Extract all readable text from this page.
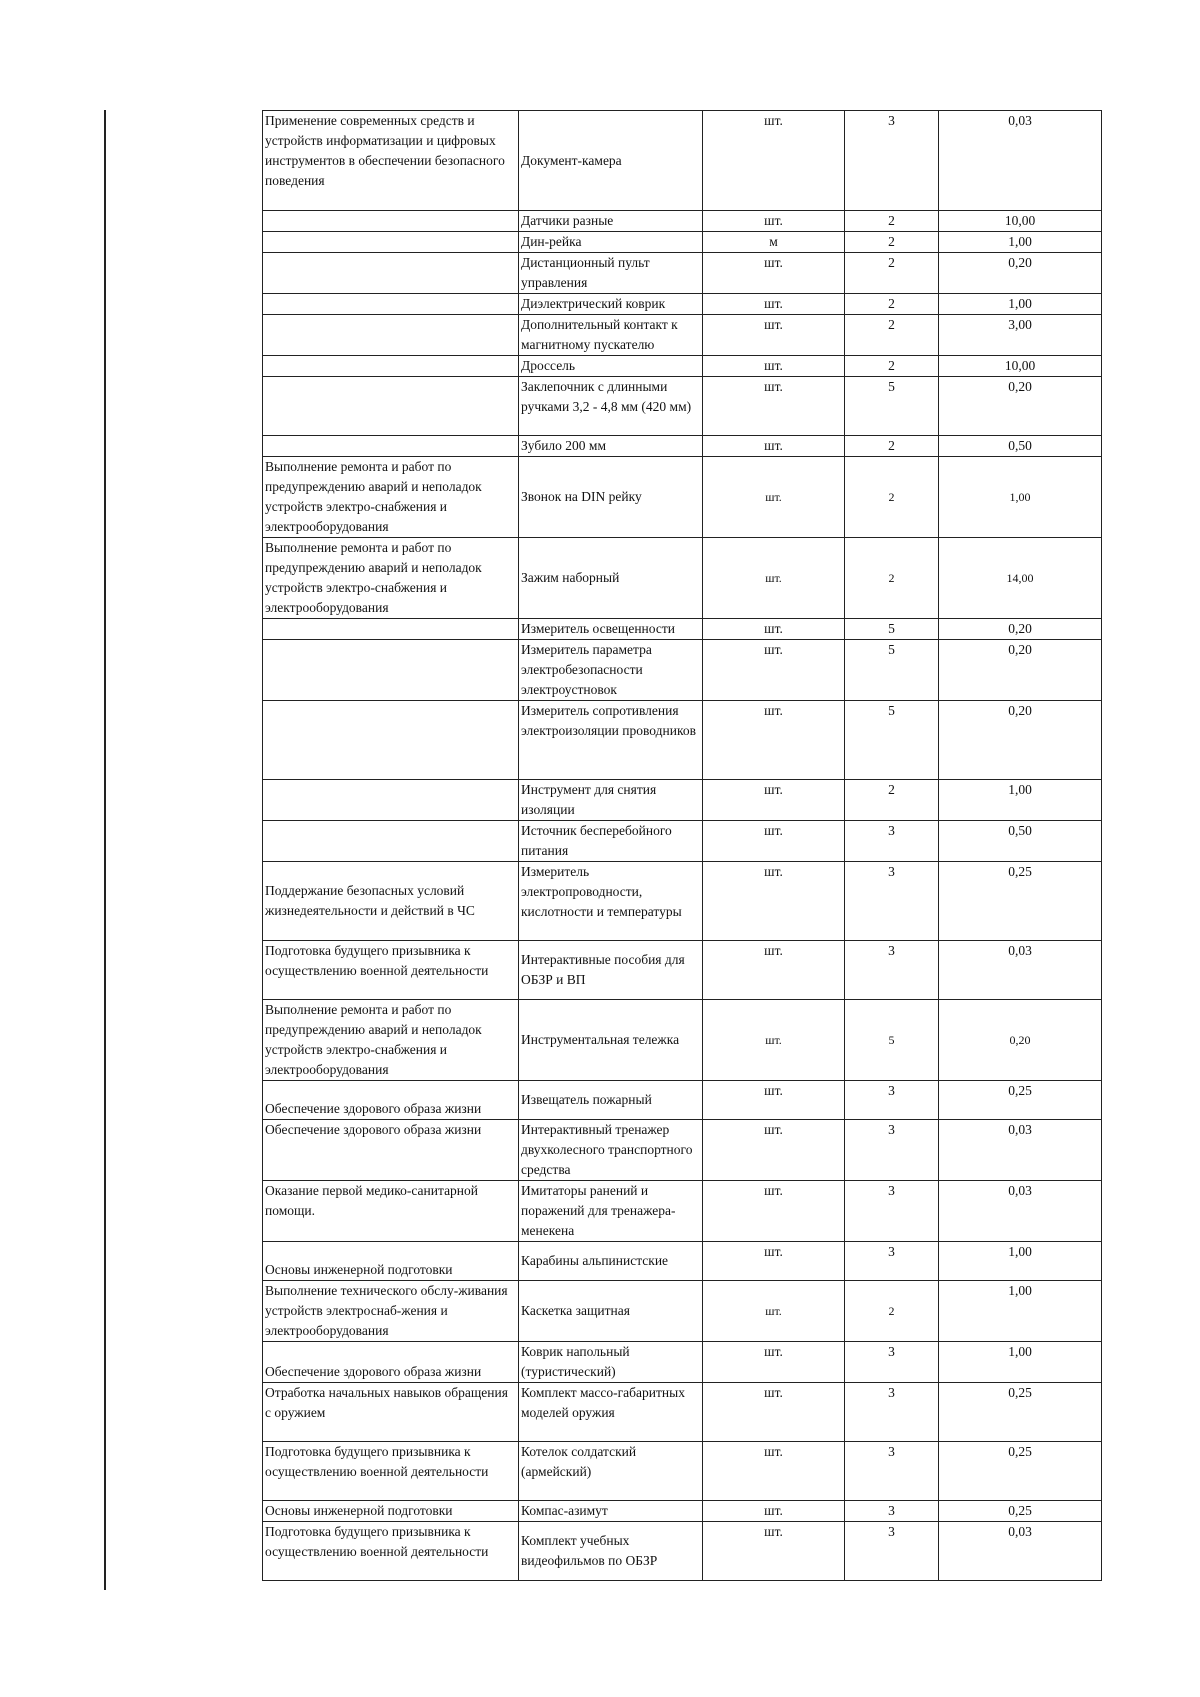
Применение современных средств и устройств информатизации и цифровых инструментов в обеспечении безопасного поведения	Документ-камера	шт.	3	0,03
	Датчики разные	шт.	2	10,00
	Дин-рейка	м	2	1,00
	Дистанционный пульт управления	шт.	2	0,20
	Диэлектрический коврик	шт.	2	1,00
	Дополнительный контакт к магнитному пускателю	шт.	2	3,00
	Дроссель	шт.	2	10,00
	Заклепочник с длинными ручками 3,2 - 4,8 мм (420 мм)	шт.	5	0,20
	Зубило 200 мм	шт.	2	0,50
Выполнение ремонта и работ по предупреждению аварий и неполадок устройств электро-снабжения и электрооборудования	Звонок на DIN рейку	шт.	2	1,00
Выполнение ремонта и работ по предупреждению аварий и неполадок устройств электро-снабжения и электрооборудования	Зажим наборный	шт.	2	14,00
	Измеритель освещенности	шт.	5	0,20
	Измеритель параметра электробезопасности электроустновок	шт.	5	0,20
	Измеритель сопротивления электроизоляции проводников	шт.	5	0,20
	Инструмент для снятия изоляции	шт.	2	1,00
	Источник бесперебойного питания	шт.	3	0,50
Поддержание безопасных условий жизнедеятельности и действий в ЧС	Измеритель электропроводности, кислотности и температуры	шт.	3	0,25
Подготовка будущего призывника к осуществлению военной деятельности	Интерактивные пособия для ОБЗР и ВП	шт.	3	0,03
Выполнение ремонта и работ по предупреждению аварий и неполадок устройств электро-снабжения и электрооборудования	Инструментальная тележка	шт.	5	0,20
Обеспечение здорового образа жизни	Извещатель пожарный	шт.	3	0,25
Обеспечение здорового образа жизни	Интерактивный тренажер двухколесного транспортного средства	шт.	3	0,03
Оказание первой медико-санитарной помощи.	Имитаторы ранений и поражений для тренажера-менекена	шт.	3	0,03
Основы инженерной подготовки	Карабины альпинистские	шт.	3	1,00
Выполнение технического обслу-живания устройств электроснаб-жения и электрооборудования	Каскетка защитная	шт.	2	1,00
Обеспечение здорового образа жизни	Коврик напольный (туристический)	шт.	3	1,00
Отработка начальных навыков обращения с оружием	Комплект массо-габаритных моделей оружия	шт.	3	0,25
Подготовка будущего призывника к осуществлению военной деятельности	Котелок солдатский (армейский)	шт.	3	0,25
Основы инженерной подготовки	Компас-азимут	шт.	3	0,25
Подготовка будущего призывника к осуществлению военной деятельности	Комплект учебных видеофильмов по ОБЗР	шт.	3	0,03
